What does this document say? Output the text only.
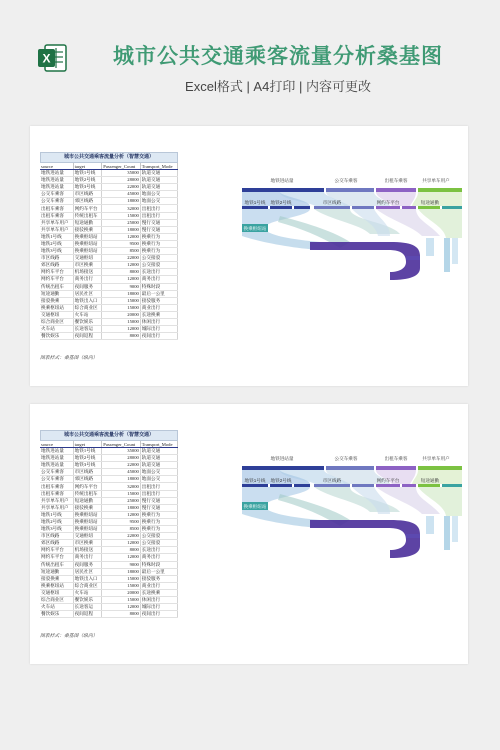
X	城市公共交通乘客流量分析桑基图
Excel格式 | A4打印 | 内容可更改
城市公共交通乘客流量分析（智慧交通）
source	target	Passenger_Count	Transport_Mode
地铁进站量	地铁1号线	35000	轨道交通
地铁进站量	地铁2号线	28000	轨道交通
地铁进站量	地铁3号线	22000	轨道交通
公交车乘客	市区线路	45000	地面公交
公交车乘客	郊区线路	18000	地面公交
出租车乘客	网约车平台	32000	出租出行
出租车乘客	传统出租车	15000	出租出行
共享单车用户	短途通勤	25000	慢行交通
共享单车用户	接驳换乘	18000	慢行交通
地铁1号线	换乘枢纽站	12000	换乘行为
地铁2号线	换乘枢纽站	9500	换乘行为
地铁3号线	换乘枢纽站	8500	换乘行为
市区线路	交通枢纽	22000	公交接驳
郊区线路	市区换乘	12000	公交接驳
网约车平台	机场接送	8000	长途出行
网约车平台	商务出行	12000	商务出行
传统出租车	夜间服务	9000	特殊时段
短途通勤	居民社区	18000	最后一公里
接驳换乘	地铁出入口	15000	接驳服务
换乘枢纽站	综合商业区	15000	商业出行
交通枢纽	火车站	20000	长途换乘
综合商业区	餐饮娱乐	15000	休闲出行
火车站	长途客运	12000	城际出行
餐饮娱乐	夜间返程	8000	夜间出行
图表样式：桑基图（纵向）
地铁进站量	公交车乘客	出租车乘客	共享单车用户
地铁1号线 地铁2号线	市区线路	网约车平台	短途通勤
换乘枢纽站
城市公共交通乘客流量分析（智慧交通）
source	target	Passenger_Count	Transport_Mode
地铁进站量	地铁1号线	35000	轨道交通
地铁进站量	地铁2号线	28000	轨道交通
地铁进站量	地铁3号线	22000	轨道交通
公交车乘客	市区线路	45000	地面公交
公交车乘客	郊区线路	18000	地面公交
出租车乘客	网约车平台	32000	出租出行
出租车乘客	传统出租车	15000	出租出行
共享单车用户	短途通勤	25000	慢行交通
共享单车用户	接驳换乘	18000	慢行交通
地铁1号线	换乘枢纽站	12000	换乘行为
地铁2号线	换乘枢纽站	9500	换乘行为
地铁3号线	换乘枢纽站	8500	换乘行为
市区线路	交通枢纽	22000	公交接驳
郊区线路	市区换乘	12000	公交接驳
网约车平台	机场接送	8000	长途出行
网约车平台	商务出行	12000	商务出行
传统出租车	夜间服务	9000	特殊时段
短途通勤	居民社区	18000	最后一公里
接驳换乘	地铁出入口	15000	接驳服务
换乘枢纽站	综合商业区	15000	商业出行
交通枢纽	火车站	20000	长途换乘
综合商业区	餐饮娱乐	15000	休闲出行
火车站	长途客运	12000	城际出行
餐饮娱乐	夜间返程	8000	夜间出行
图表样式：桑基图（纵向）
地铁进站量	公交车乘客	出租车乘客	共享单车用户
地铁1号线 地铁2号线	市区线路	网约车平台	短途通勤
换乘枢纽站
